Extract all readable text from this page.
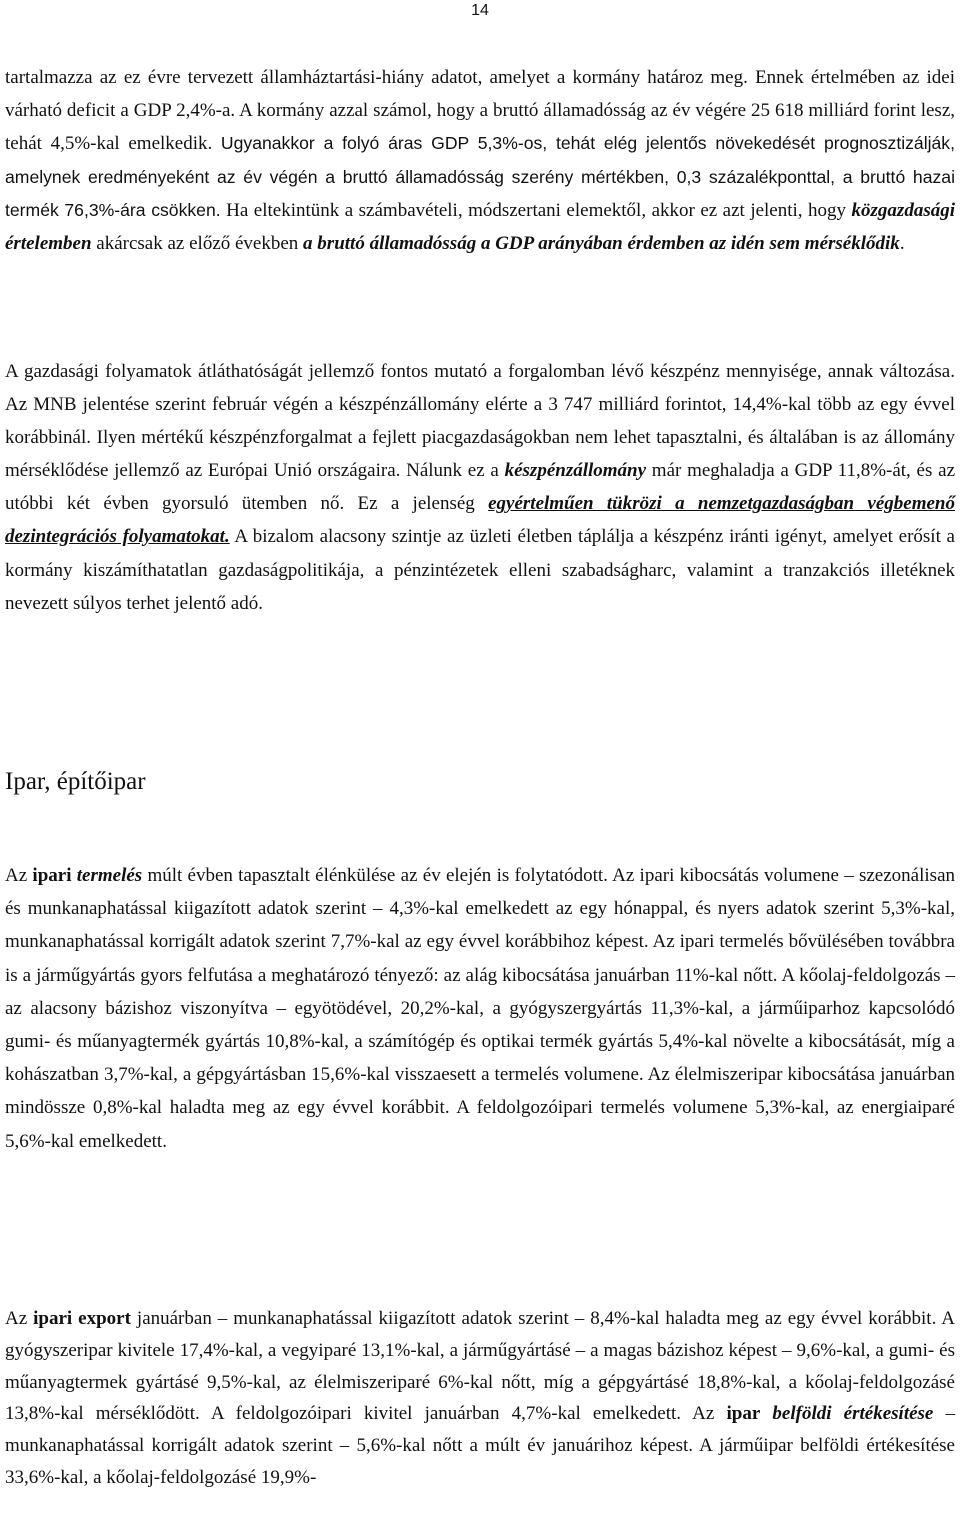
14

tartalmazza az ez évre tervezett államháztartási-hiány adatot, amelyet a kormány határoz meg. Ennek értelmében az idei várható deficit a GDP 2,4%-a. A kormány azzal számol, hogy a bruttó államadósság az év végére 25 618 milliárd forint lesz, tehát 4,5%-kal emelkedik. Ugyanakkor a folyó áras GDP 5,3%-os, tehát elég jelentős növekedését prognosztizálják, amelynek eredményeként az év végén a bruttó államadósság szerény mértékben, 0,3 százalékponttal, a bruttó hazai termék 76,3%-ára csökken. Ha eltekintünk a számbavételi, módszertani elemektől, akkor ez azt jelenti, hogy közgazdasági értelemben akárcsak az előző években a bruttó államadósság a GDP arányában érdemben az idén sem mérséklődik.

A gazdasági folyamatok átláthatóságát jellemző fontos mutató a forgalomban lévő készpénz mennyisége, annak változása. Az MNB jelentése szerint február végén a készpénzállomány elérte a 3 747 milliárd forintot, 14,4%-kal több az egy évvel korábbinál. Ilyen mértékű készpénzforgalmat a fejlett piacgazdaságokban nem lehet tapasztalni, és általában is az állomány mérséklődése jellemző az Európai Unió országaira. Nálunk ez a készpénzállomány már meghaladja a GDP 11,8%-át, és az utóbbi két évben gyorsuló ütemben nő. Ez a jelenség egyértelműen tükrözi a nemzetgazdaságban végbemenő dezintegrációs folyamatokat. A bizalom alacsony szintje az üzleti életben táplálja a készpénz iránti igényt, amelyet erősít a kormány kiszámíthatatlan gazdaságpolitikája, a pénzintézetek elleni szabadságharc, valamint a tranzakciós illetéknek nevezett súlyos terhet jelentő adó.

Ipar, építőipar

Az ipari termelés múlt évben tapasztalt élénkülése az év elején is folytatódott. Az ipari kibocsátás volumene – szezonálisan és munkanaphatással kiigazított adatok szerint – 4,3%-kal emelkedett az egy hónappal, és nyers adatok szerint 5,3%-kal, munkanaphatással korrigált adatok szerint 7,7%-kal az egy évvel korábbihoz képest. Az ipari termelés bővülésében továbbra is a járműgyártás gyors felfutása a meghatározó tényező: az alág kibocsátása januárban 11%-kal nőtt. A kőolaj-feldolgozás – az alacsony bázishoz viszonyítva – egyötödével, 20,2%-kal, a gyógyszergyártás 11,3%-kal, a járműiparhoz kapcsolódó gumi- és műanyagtermék gyártás 10,8%-kal, a számítógép és optikai termék gyártás 5,4%-kal növelte a kibocsátását, míg a kohászatban 3,7%-kal, a gépgyártásban 15,6%-kal visszaesett a termelés volumene. Az élelmiszeripar kibocsátása januárban mindössze 0,8%-kal haladta meg az egy évvel korábbit. A feldolgozóipari termelés volumene 5,3%-kal, az energiaiparé 5,6%-kal emelkedett.

Az ipari export januárban – munkanaphatással kiigazított adatok szerint – 8,4%-kal haladta meg az egy évvel korábbit. A gyógyszeripar kivitele 17,4%-kal, a vegyiparé 13,1%-kal, a járműgyártásé – a magas bázishoz képest – 9,6%-kal, a gumi- és műanyagtermek gyártásé 9,5%-kal, az élelmiszeriparé 6%-kal nőtt, míg a gépgyártásé 18,8%-kal, a kőolaj-feldolgozásé 13,8%-kal mérséklődött. A feldolgozóipari kivitel januárban 4,7%-kal emelkedett. Az ipar belföldi értékesítése – munkanaphatással korrigált adatok szerint – 5,6%-kal nőtt a múlt év januárihoz képest. A járműipar belföldi értékesítése 33,6%-kal, a kőolaj-feldolgozásé 19,9%-
